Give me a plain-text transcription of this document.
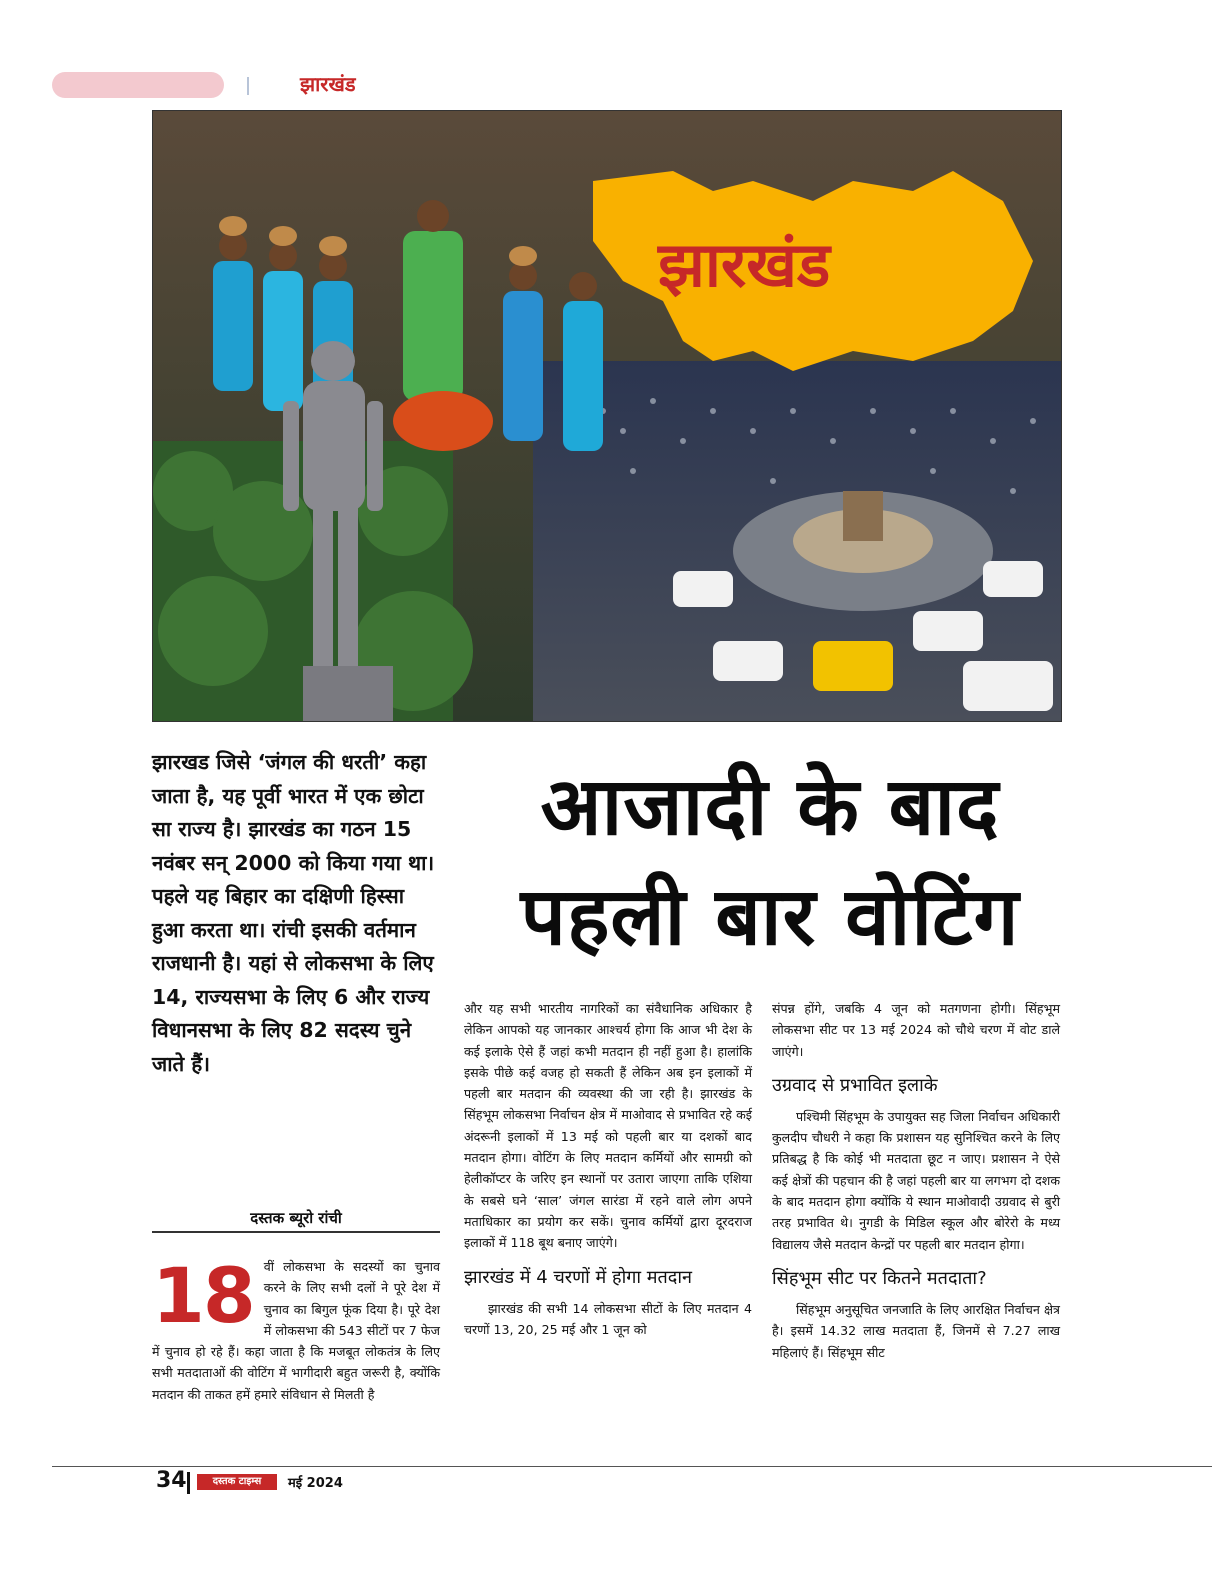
झारखंड
झारखंड
झारखड जिसे ‘जंगल की धरती’ कहा जाता है, यह पूर्वी भारत में एक छोटा सा राज्य है। झारखंड का गठन 15 नवंबर सन् 2000 को किया गया था। पहले यह बिहार का दक्षिणी हिस्सा हुआ करता था। रांची इसकी वर्तमान राजधानी है। यहां से लोकसभा के लिए 14, राज्यसभा के लिए 6 और राज्य विधानसभा के लिए 82 सदस्य चुने जाते हैं।
आजादी के बाद
पहली बार वोटिंग
दस्तक ब्यूरो रांची
18 वीं लोकसभा के सदस्यों का चुनाव करने के लिए सभी दलों ने पूरे देश में चुनाव का बिगुल फूंक दिया है। पूरे देश में लोकसभा की 543 सीटों पर 7 फेज में चुनाव हो रहे हैं। कहा जाता है कि मजबूत लोकतंत्र के लिए सभी मतदाताओं की वोटिंग में भागीदारी बहुत जरूरी है, क्योंकि मतदान की ताकत हमें हमारे संविधान से मिलती है

और यह सभी भारतीय नागरिकों का संवैधानिक अधिकार है लेकिन आपको यह जानकार आश्चर्य होगा कि आज भी देश के कई इलाके ऐसे हैं जहां कभी मतदान ही नहीं हुआ है। हालांकि इसके पीछे कई वजह हो सकती हैं लेकिन अब इन इलाकों में पहली बार मतदान की व्यवस्था की जा रही है। झारखंड के सिंहभूम लोकसभा निर्वाचन क्षेत्र में माओवाद से प्रभावित रहे कई अंदरूनी इलाकों में 13 मई को पहली बार या दशकों बाद मतदान होगा। वोटिंग के लिए मतदान कर्मियों और सामग्री को हेलीकॉप्टर के जरिए इन स्थानों पर उतारा जाएगा ताकि एशिया के सबसे घने ‘साल’ जंगल सारंडा में रहने वाले लोग अपने मताधिकार का प्रयोग कर सकें। चुनाव कर्मियों द्वारा दूरदराज इलाकों में 118 बूथ बनाए जाएंगे।

झारखंड में 4 चरणों में होगा मतदान

झारखंड की सभी 14 लोकसभा सीटों के लिए मतदान 4 चरणों 13, 20, 25 मई और 1 जून को

संपन्न होंगे, जबकि 4 जून को मतगणना होगी। सिंहभूम लोकसभा सीट पर 13 मई 2024 को चौथे चरण में वोट डाले जाएंगे।

उग्रवाद से प्रभावित इलाके

पश्चिमी सिंहभूम के उपायुक्त सह जिला निर्वाचन अधिकारी कुलदीप चौधरी ने कहा कि प्रशासन यह सुनिश्चित करने के लिए प्रतिबद्ध है कि कोई भी मतदाता छूट न जाए। प्रशासन ने ऐसे कई क्षेत्रों की पहचान की है जहां पहली बार या लगभग दो दशक के बाद मतदान होगा क्योंकि ये स्थान माओवादी उग्रवाद से बुरी तरह प्रभावित थे। नुगडी के मिडिल स्कूल और बोरेरो के मध्य विद्यालय जैसे मतदान केन्द्रों पर पहली बार मतदान होगा।

सिंहभूम सीट पर कितने मतदाता?

सिंहभूम अनुसूचित जनजाति के लिए आरक्षित निर्वाचन क्षेत्र है। इसमें 14.32 लाख मतदाता हैं, जिनमें से 7.27 लाख महिलाएं हैं। सिंहभूम सीट

34	दस्तक टाइम्स	मई 2024
